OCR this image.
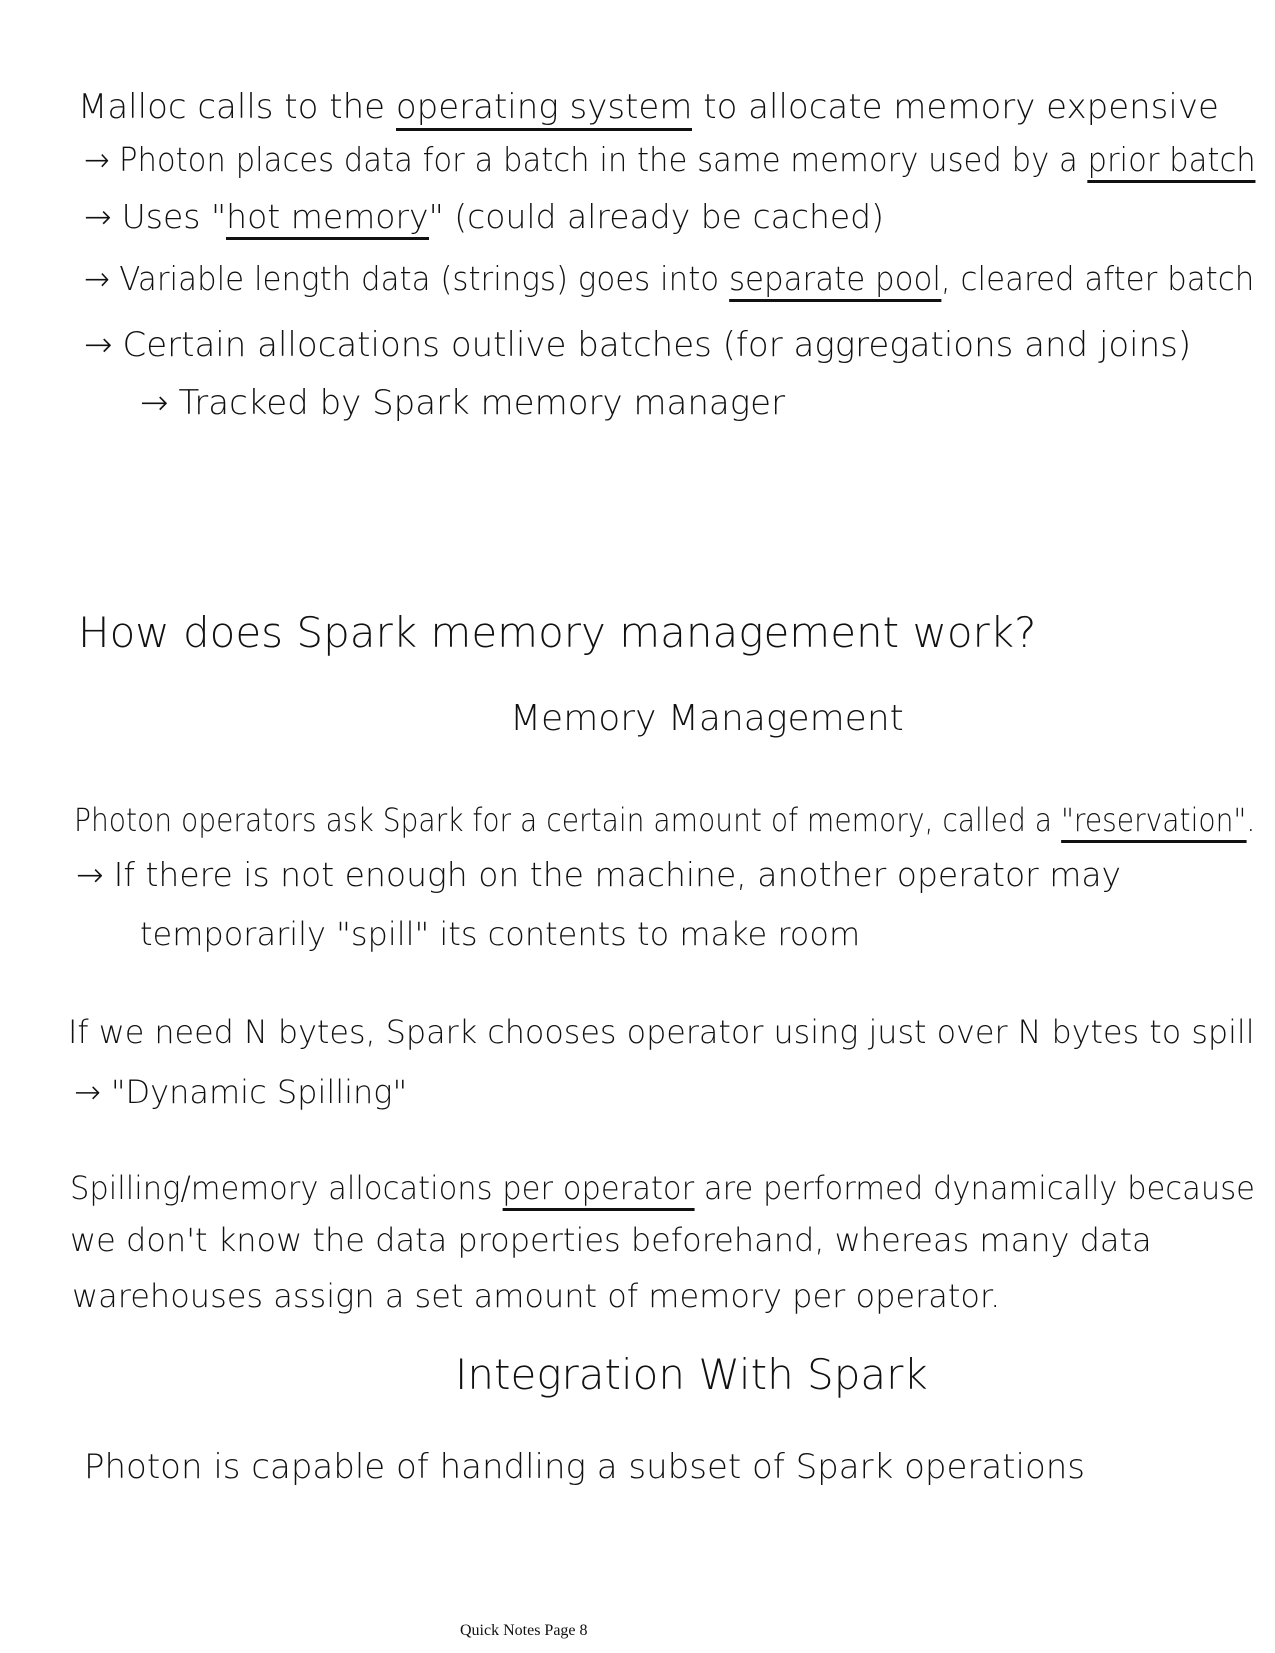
Malloc calls to the operating system to allocate memory expensive
→ Photon places data for a batch in the same memory used by a prior batch
→ Uses "hot memory" (could already be cached)
→ Variable length data (strings) goes into separate pool, cleared after batch
→ Certain allocations outlive batches (for aggregations and joins)
→ Tracked by Spark memory manager
How does Spark memory management work?
Memory Management
Photon operators ask Spark for a certain amount of memory, called a "reservation".
→ If there is not enough on the machine, another operator may
temporarily "spill" its contents to make room
If we need N bytes, Spark chooses operator using just over N bytes to spill
→ "Dynamic Spilling"
Spilling/memory allocations per operator are performed dynamically because
we don't know the data properties beforehand, whereas many data
warehouses assign a set amount of memory per operator.
Integration With Spark
Photon is capable of handling a subset of Spark operations
Quick Notes Page 8
